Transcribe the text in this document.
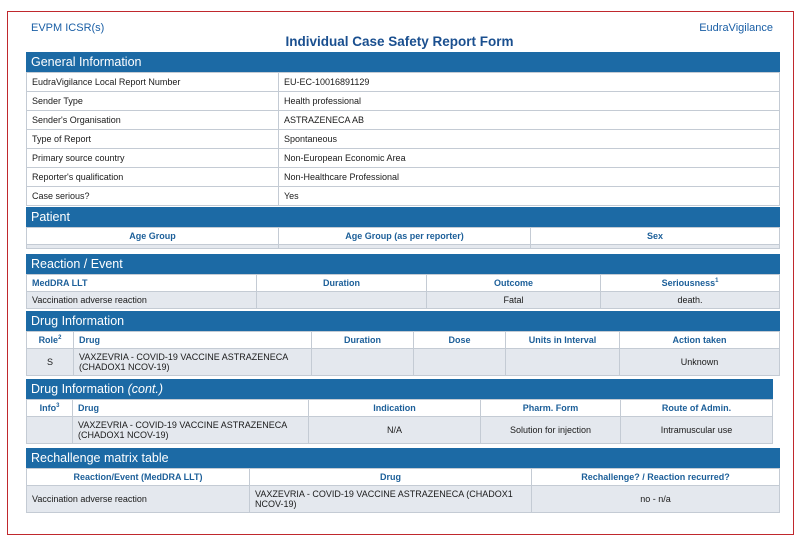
EVPM ICSR(s)
Individual Case Safety Report Form
EudraVigilance
General Information
EudraVigilance Local Report Number	EU-EC-10016891129
Sender Type	Health professional
Sender's Organisation	ASTRAZENECA AB
Type of Report	Spontaneous
Primary source country	Non-European Economic Area
Reporter's qualification	Non-Healthcare Professional
Case serious?	Yes
Patient
Age Group	Age Group (as per reporter)	Sex

Reaction / Event
MedDRA LLT	Duration	Outcome	Seriousness$^1$
Vaccination adverse reaction		Fatal	death.
Drug Information
Role$^2$	Drug	Duration	Dose	Units in Interval	Action taken
S	VAXZEVRIA - COVID-19 VACCINE ASTRAZENECA (CHADOX1 NCOV-19)				Unknown
Drug Information
(cont.)
Info$^3$	Drug	Indication	Pharm. Form	Route of Admin.
	VAXZEVRIA - COVID-19 VACCINE ASTRAZENECA (CHADOX1 NCOV-19)	N/A	Solution for injection	Intramuscular use
Rechallenge matrix table
Reaction/Event (MedDRA LLT)	Drug	Rechallenge? / Reaction recurred?
Vaccination adverse reaction	VAXZEVRIA - COVID-19 VACCINE ASTRAZENECA (CHADOX1 NCOV-19)	no - n/a
